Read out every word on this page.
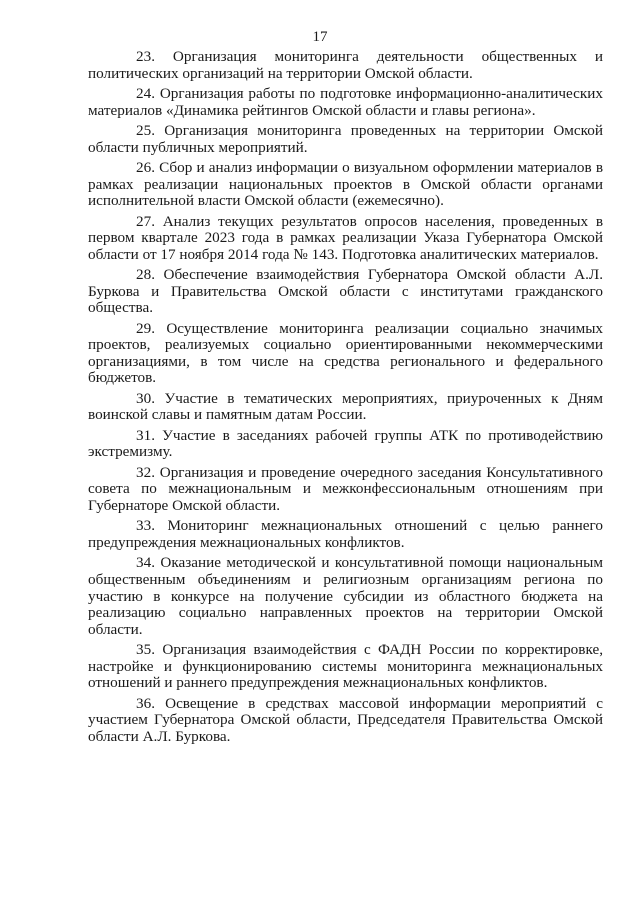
17

23. Организация мониторинга деятельности общественных и политических организаций на территории Омской области.

24. Организация работы по подготовке информационно-аналитических материалов «Динамика рейтингов Омской области и главы региона».

25. Организация мониторинга проведенных на территории Омской области публичных мероприятий.

26. Сбор и анализ информации о визуальном оформлении материалов в рамках реализации национальных проектов в Омской области органами исполнительной власти Омской области (ежемесячно).

27. Анализ текущих результатов опросов населения, проведенных в первом квартале 2023 года в рамках реализации Указа Губернатора Омской области от 17 ноября 2014 года № 143. Подготовка аналитических материалов.

28. Обеспечение взаимодействия Губернатора Омской области А.Л. Буркова и Правительства Омской области с институтами гражданского общества.

29. Осуществление мониторинга реализации социально значимых проектов, реализуемых социально ориентированными некоммерческими организациями, в том числе на средства регионального и федерального бюджетов.

30. Участие в тематических мероприятиях, приуроченных к Дням воинской славы и памятным датам России.

31. Участие в заседаниях рабочей группы АТК по противодействию экстремизму.

32. Организация и проведение очередного заседания Консультативного совета по межнациональным и межконфессиональным отношениям при Губернаторе Омской области.

33. Мониторинг межнациональных отношений с целью раннего предупреждения межнациональных конфликтов.

34. Оказание методической и консультативной помощи национальным общественным объединениям и религиозным организациям региона по участию в конкурсе на получение субсидии из областного бюджета на реализацию социально направленных проектов на территории Омской области.

35. Организация взаимодействия с ФАДН России по корректировке, настройке и функционированию системы мониторинга межнациональных отношений и раннего предупреждения межнациональных конфликтов.

36. Освещение в средствах массовой информации мероприятий с участием Губернатора Омской области, Председателя Правительства Омской области А.Л. Буркова.
